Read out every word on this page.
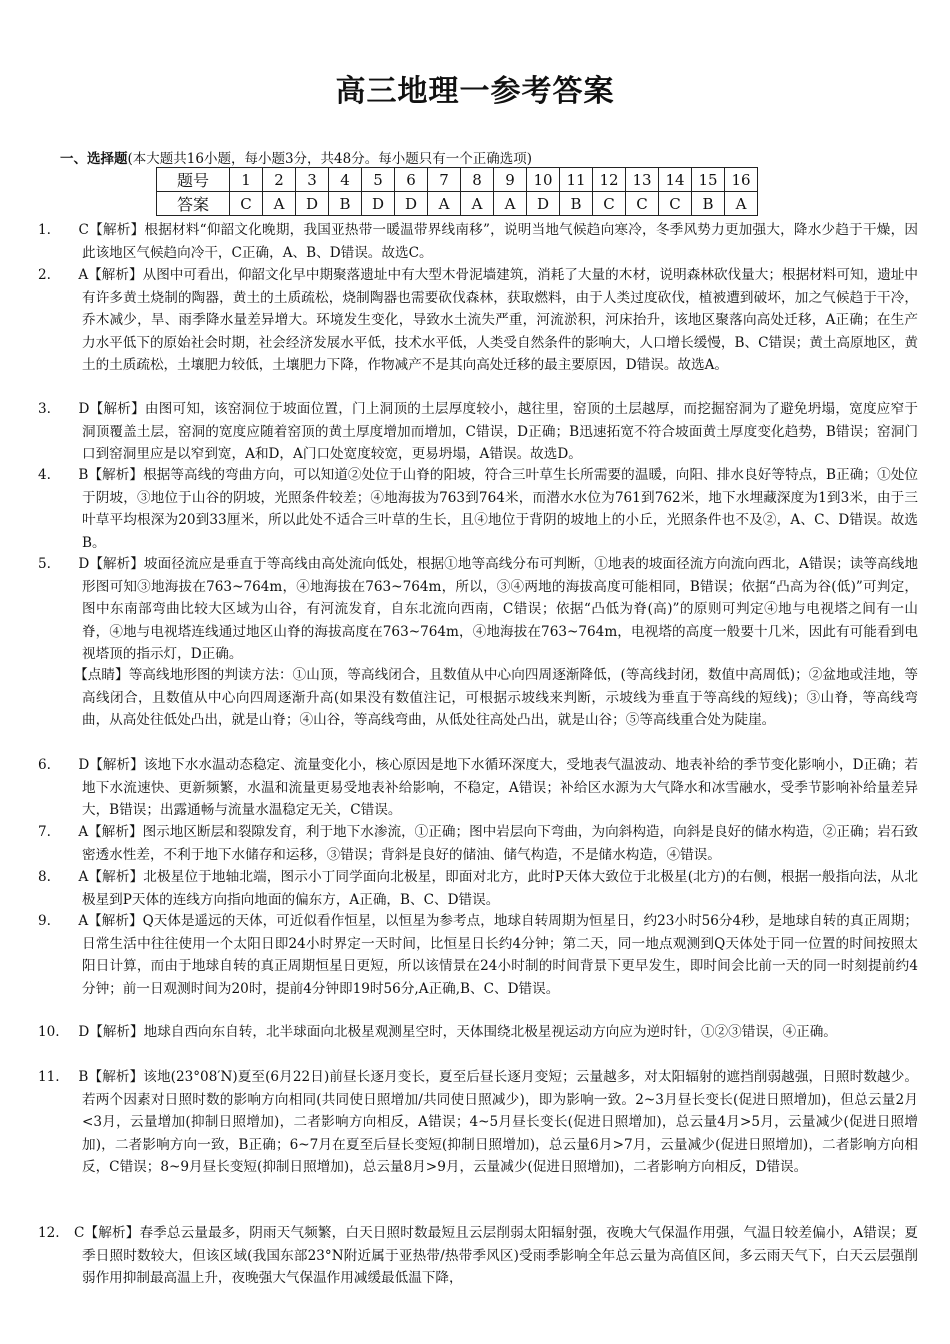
高三地理一参考答案
一、选择题(本大题共16小题，每小题3分，共48分。每小题只有一个正确选项)
题号	1	2	3	4	5	6	7	8	9	10	11	12	13	14	15	16
答案	C	A	D	B	D	D	A	A	A	D	B	C	C	C	B	A
1. C【解析】根据材料“仰韶文化晚期，我国亚热带一暖温带界线南移”，说明当地气候趋向寒冷，冬季风势力更加强大，降水少趋于干燥，因此该地区气候趋向冷干，C正确，A、B、D错误。故选C。
2. A【解析】从图中可看出，仰韶文化早中期聚落遗址中有大型木骨泥墙建筑，消耗了大量的木材，说明森林砍伐量大；根据材料可知，遗址中有许多黄土烧制的陶器，黄土的土质疏松，烧制陶器也需要砍伐森林，获取燃料，由于人类过度砍伐，植被遭到破坏，加之气候趋于干冷，乔木减少，旱、雨季降水量差异增大。环境发生变化，导致水土流失严重，河流淤积，河床抬升，该地区聚落向高处迁移，A正确；在生产力水平低下的原始社会时期，社会经济发展水平低，技术水平低，人类受自然条件的影响大，人口增长缓慢，B、C错误；黄土高原地区，黄土的土质疏松，土壤肥力较低，土壤肥力下降，作物减产不是其向高处迁移的最主要原因，D错误。故选A。
3. D【解析】由图可知，该窑洞位于坡面位置，门上洞顶的土层厚度较小，越往里，窑顶的土层越厚，而挖掘窑洞为了避免坍塌，宽度应窄于洞顶覆盖土层，窑洞的宽度应随着窑顶的黄土厚度增加而增加，C错误，D正确；B迅速拓宽不符合坡面黄土厚度变化趋势，B错误；窑洞门口到窑洞里应是以窄到宽，A和D，A门口处宽度较宽，更易坍塌，A错误。故选D。
4. B【解析】根据等高线的弯曲方向，可以知道②处位于山脊的阳坡，符合三叶草生长所需要的温暖，向阳、排水良好等特点，B正确；①处位于阴坡，③地位于山谷的阴坡，光照条件较差；④地海拔为763到764米，而潜水水位为761到762米，地下水埋藏深度为1到3米，由于三叶草平均根深为20到33厘米，所以此处不适合三叶草的生长，且④地位于背阴的坡地上的小丘，光照条件也不及②，A、C、D错误。故选B。
5. D【解析】坡面径流应是垂直于等高线由高处流向低处，根据①地等高线分布可判断，①地表的坡面径流方向流向西北，A错误；读等高线地形图可知③地海拔在763~764m，④地海拔在763~764m，所以，③④两地的海拔高度可能相同，B错误；依据“凸高为谷(低)”可判定，图中东南部弯曲比较大区域为山谷，有河流发育，自东北流向西南，C错误；依据“凸低为脊(高)”的原则可判定④地与电视塔之间有一山脊，④地与电视塔连线通过地区山脊的海拔高度在763~764m，④地海拔在763~764m，电视塔的高度一般要十几米，因此有可能看到电视塔顶的指示灯，D正确。
【点睛】等高线地形图的判读方法：①山顶，等高线闭合，且数值从中心向四周逐渐降低，(等高线封闭，数值中高周低)；②盆地或洼地，等高线闭合，且数值从中心向四周逐渐升高(如果没有数值注记，可根据示坡线来判断，示坡线为垂直于等高线的短线)；③山脊，等高线弯曲，从高处往低处凸出，就是山脊；④山谷，等高线弯曲，从低处往高处凸出，就是山谷；⑤等高线重合处为陡崖。
6. D【解析】该地下水水温动态稳定、流量变化小，核心原因是地下水循环深度大，受地表气温波动、地表补给的季节变化影响小，D正确；若地下水流速快、更新频繁，水温和流量更易受地表补给影响，不稳定，A错误；补给区水源为大气降水和冰雪融水，受季节影响补给量差异大，B错误；出露通畅与流量水温稳定无关，C错误。
7. A【解析】图示地区断层和裂隙发育，利于地下水渗流，①正确；图中岩层向下弯曲，为向斜构造，向斜是良好的储水构造，②正确；岩石致密透水性差，不利于地下水储存和运移，③错误；背斜是良好的储油、储气构造，不是储水构造，④错误。
8. A【解析】北极星位于地轴北端，图示小丁同学面向北极星，即面对北方，此时P天体大致位于北极星(北方)的右侧，根据一般指向法，从北极星到P天体的连线方向指向地面的偏东方，A正确，B、C、D错误。
9. A【解析】Q天体是遥远的天体，可近似看作恒星，以恒星为参考点，地球自转周期为恒星日，约23小时56分4秒，是地球自转的真正周期；日常生活中往往使用一个太阳日即24小时界定一天时间，比恒星日长约4分钟；第二天，同一地点观测到Q天体处于同一位置的时间按照太阳日计算，而由于地球自转的真正周期恒星日更短，所以该情景在24小时制的时间背景下更早发生，即时间会比前一天的同一时刻提前约4分钟；前一日观测时间为20时，提前4分钟即19时56分,A正确,B、C、D错误。
10. D【解析】地球自西向东自转，北半球面向北极星观测星空时，天体围绕北极星视运动方向应为逆时针，①②③错误，④正确。
11. B【解析】该地(23°08′N)夏至(6月22日)前昼长逐月变长，夏至后昼长逐月变短；云量越多，对太阳辐射的遮挡削弱越强，日照时数越少。若两个因素对日照时数的影响方向相同(共同使日照增加/共同使日照减少)，即为影响一致。2~3月昼长变长(促进日照增加)，但总云量2月<3月，云量增加(抑制日照增加)，二者影响方向相反，A错误；4~5月昼长变长(促进日照增加)，总云量4月>5月，云量减少(促进日照增加)，二者影响方向一致，B正确；6~7月在夏至后昼长变短(抑制日照增加)，总云量6月>7月，云量减少(促进日照增加)，二者影响方向相反，C错误；8~9月昼长变短(抑制日照增加)，总云量8月>9月，云量减少(促进日照增加)，二者影响方向相反，D错误。
12. C【解析】春季总云量最多，阴雨天气频繁，白天日照时数最短且云层削弱太阳辐射强，夜晚大气保温作用强，气温日较差偏小，A错误；夏季日照时数较大，但该区域(我国东部23°N附近属于亚热带/热带季风区)受雨季影响全年总云量为高值区间，多云雨天气下，白天云层强削弱作用抑制最高温上升，夜晚强大气保温作用减缓最低温下降，
